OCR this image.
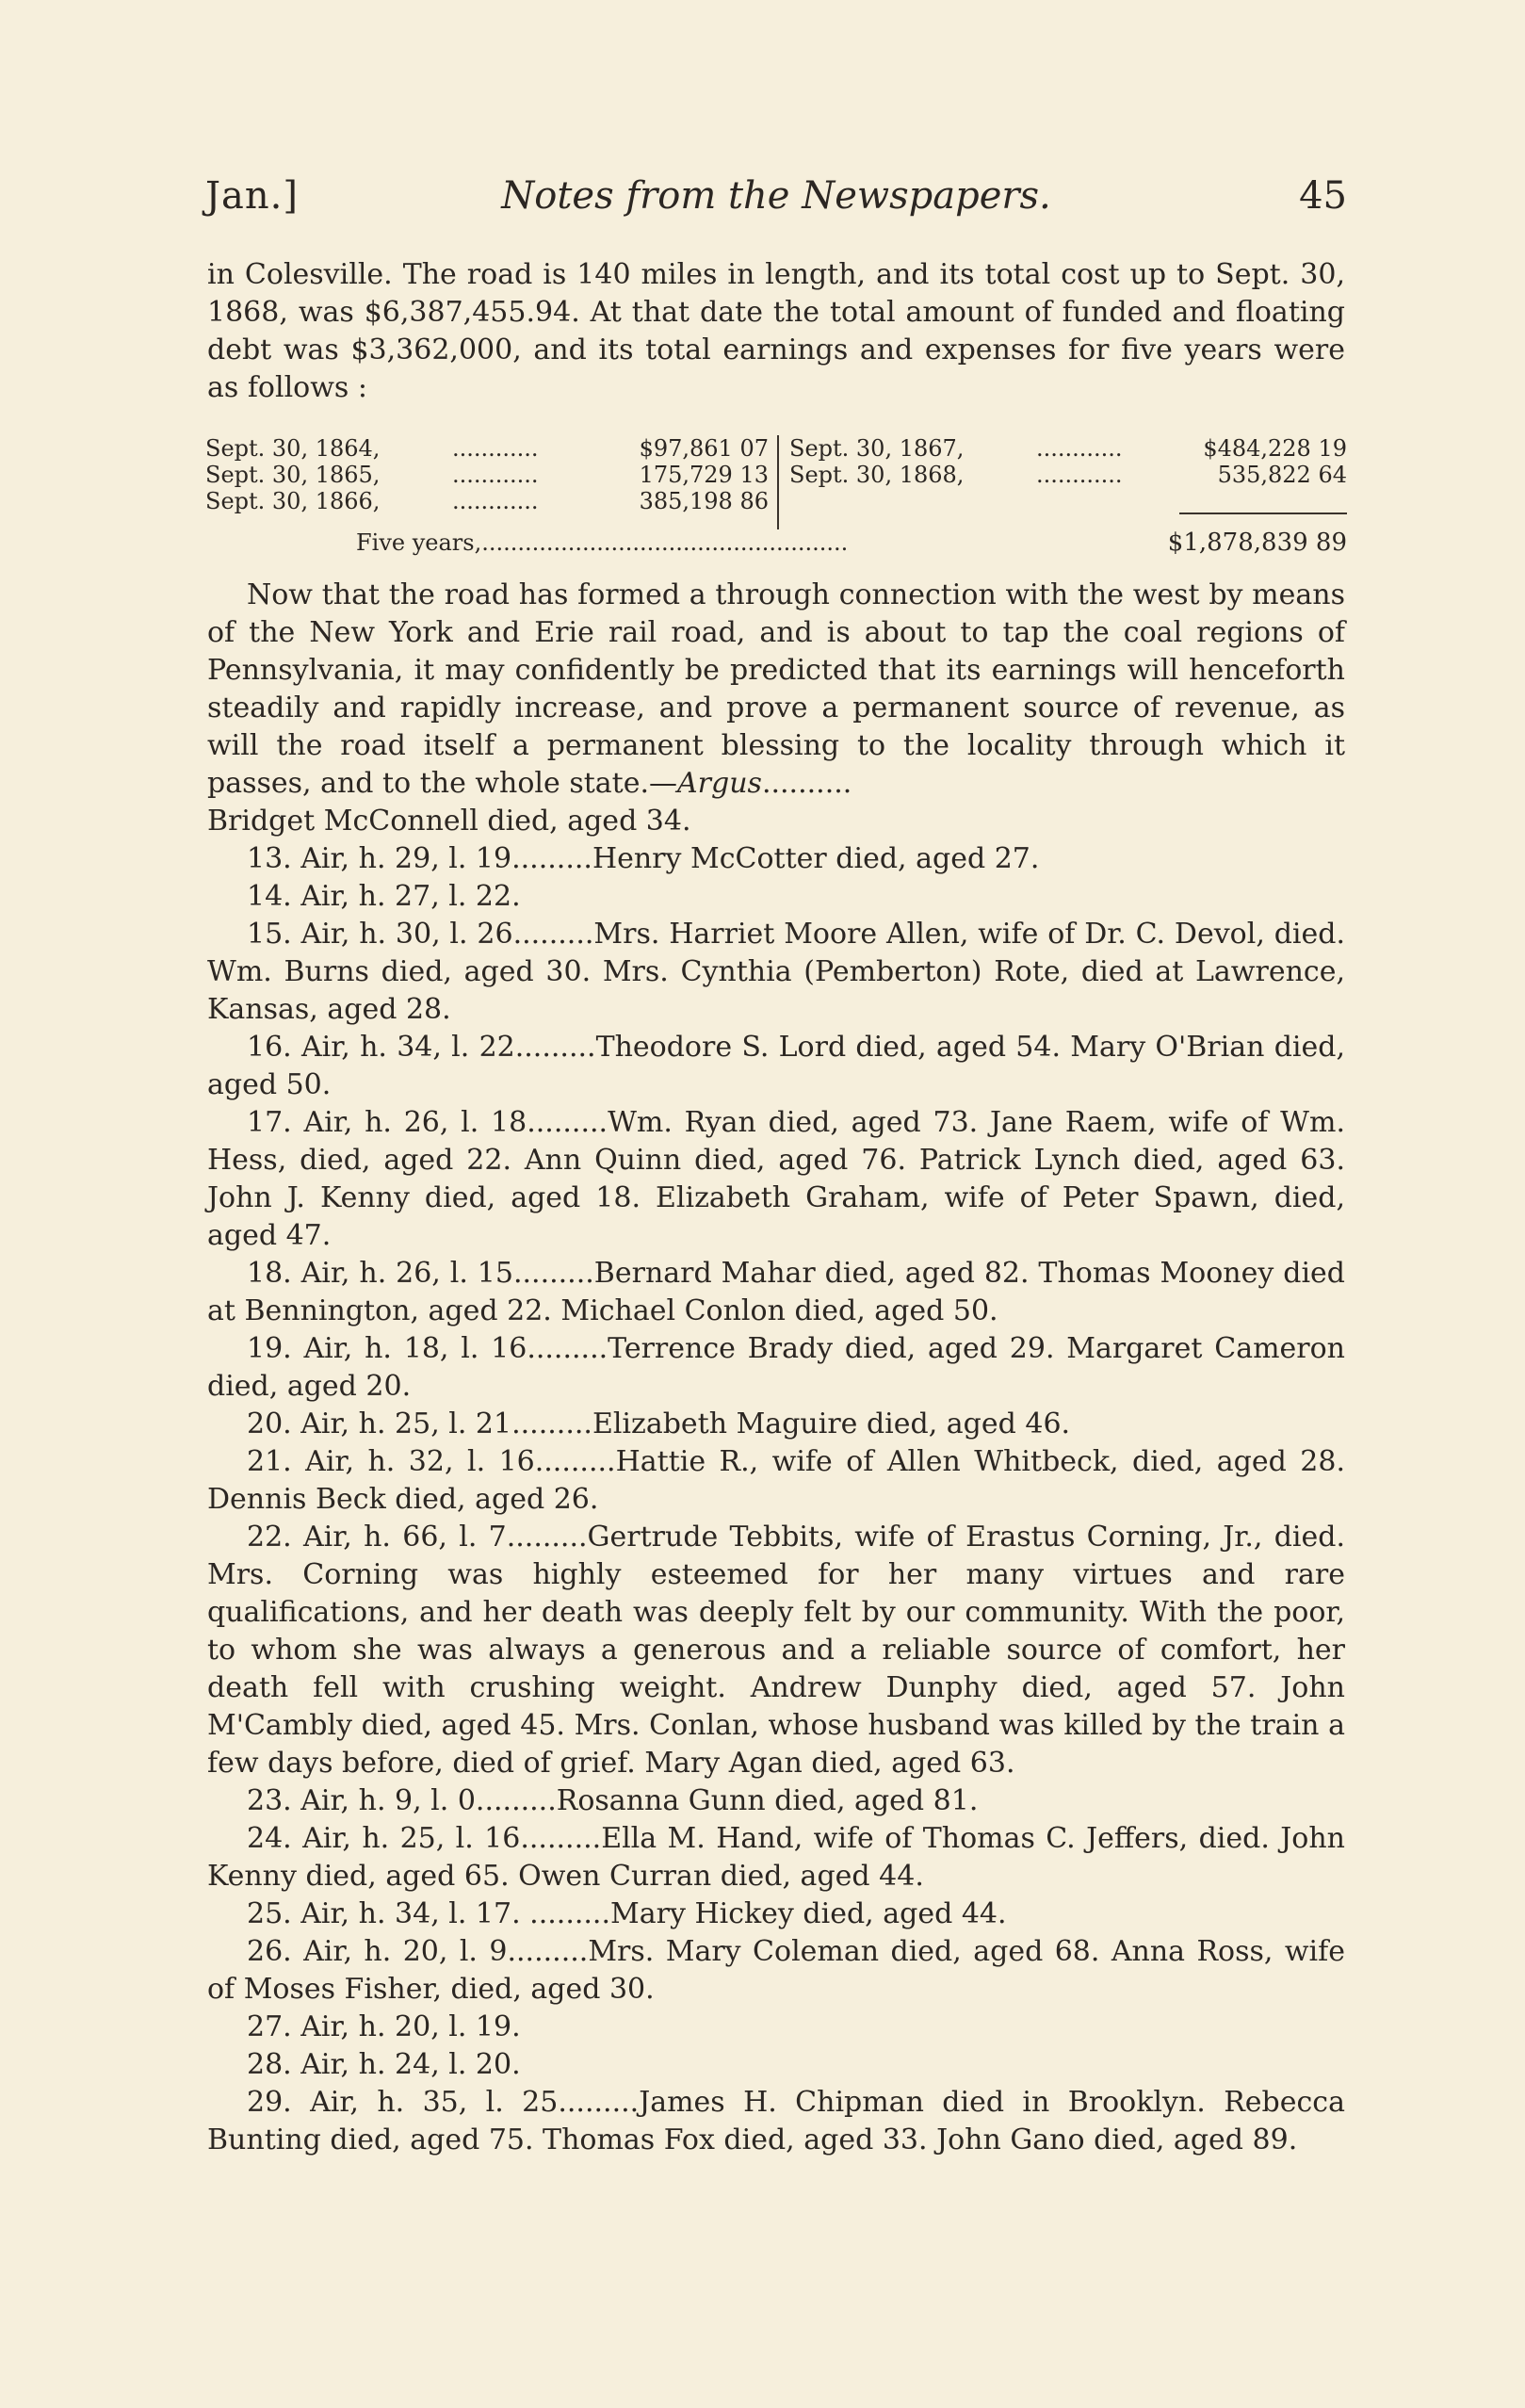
Jan.]	Notes from the Newspapers.	45

in Colesville. The road is 140 miles in length, and its total cost up to Sept. 30, 1868, was $6,387,455.94. At that date the total amount of funded and floating debt was $3,362,000, and its total earnings and expenses for five years were as follows :

Sept. 30, 1864,	............	$97,861 07
Sept. 30, 1865,	............	175,729 13
Sept. 30, 1866,	............	385,198 86
Sept. 30, 1867,	............	$484,228 19
Sept. 30, 1868,	............	535,822 64
Five years,...................................................	$1,878,839 89

Now that the road has formed a through connection with the west by means of the New York and Erie rail road, and is about to tap the coal regions of Pennsylvania, it may confidently be predicted that its earnings will henceforth steadily and rapidly increase, and prove a permanent source of revenue, as will the road itself a permanent blessing to the locality through which it passes, and to the whole state.—Argus..........

Bridget McConnell died, aged 34.

13. Air, h. 29, l. 19.........Henry McCotter died, aged 27.

14. Air, h. 27, l. 22.

15. Air, h. 30, l. 26.........Mrs. Harriet Moore Allen, wife of Dr. C. Devol, died. Wm. Burns died, aged 30. Mrs. Cynthia (Pemberton) Rote, died at Lawrence, Kansas, aged 28.

16. Air, h. 34, l. 22.........Theodore S. Lord died, aged 54. Mary O'Brian died, aged 50.

17. Air, h. 26, l. 18.........Wm. Ryan died, aged 73. Jane Raem, wife of Wm. Hess, died, aged 22. Ann Quinn died, aged 76. Patrick Lynch died, aged 63. John J. Kenny died, aged 18. Elizabeth Graham, wife of Peter Spawn, died, aged 47.

18. Air, h. 26, l. 15.........Bernard Mahar died, aged 82. Thomas Mooney died at Bennington, aged 22. Michael Conlon died, aged 50.

19. Air, h. 18, l. 16.........Terrence Brady died, aged 29. Margaret Cameron died, aged 20.

20. Air, h. 25, l. 21.........Elizabeth Maguire died, aged 46.

21. Air, h. 32, l. 16.........Hattie R., wife of Allen Whitbeck, died, aged 28. Dennis Beck died, aged 26.

22. Air, h. 66, l. 7.........Gertrude Tebbits, wife of Erastus Corning, Jr., died. Mrs. Corning was highly esteemed for her many virtues and rare qualifications, and her death was deeply felt by our community. With the poor, to whom she was always a generous and a reliable source of comfort, her death fell with crushing weight. Andrew Dunphy died, aged 57. John M'Cambly died, aged 45. Mrs. Conlan, whose husband was killed by the train a few days before, died of grief. Mary Agan died, aged 63.

23. Air, h. 9, l. 0.........Rosanna Gunn died, aged 81.

24. Air, h. 25, l. 16.........Ella M. Hand, wife of Thomas C. Jeffers, died. John Kenny died, aged 65. Owen Curran died, aged 44.

25. Air, h. 34, l. 17. .........Mary Hickey died, aged 44.

26. Air, h. 20, l. 9.........Mrs. Mary Coleman died, aged 68. Anna Ross, wife of Moses Fisher, died, aged 30.

27. Air, h. 20, l. 19.

28. Air, h. 24, l. 20.

29. Air, h. 35, l. 25.........James H. Chipman died in Brooklyn. Rebecca Bunting died, aged 75. Thomas Fox died, aged 33. John Gano died, aged 89.
